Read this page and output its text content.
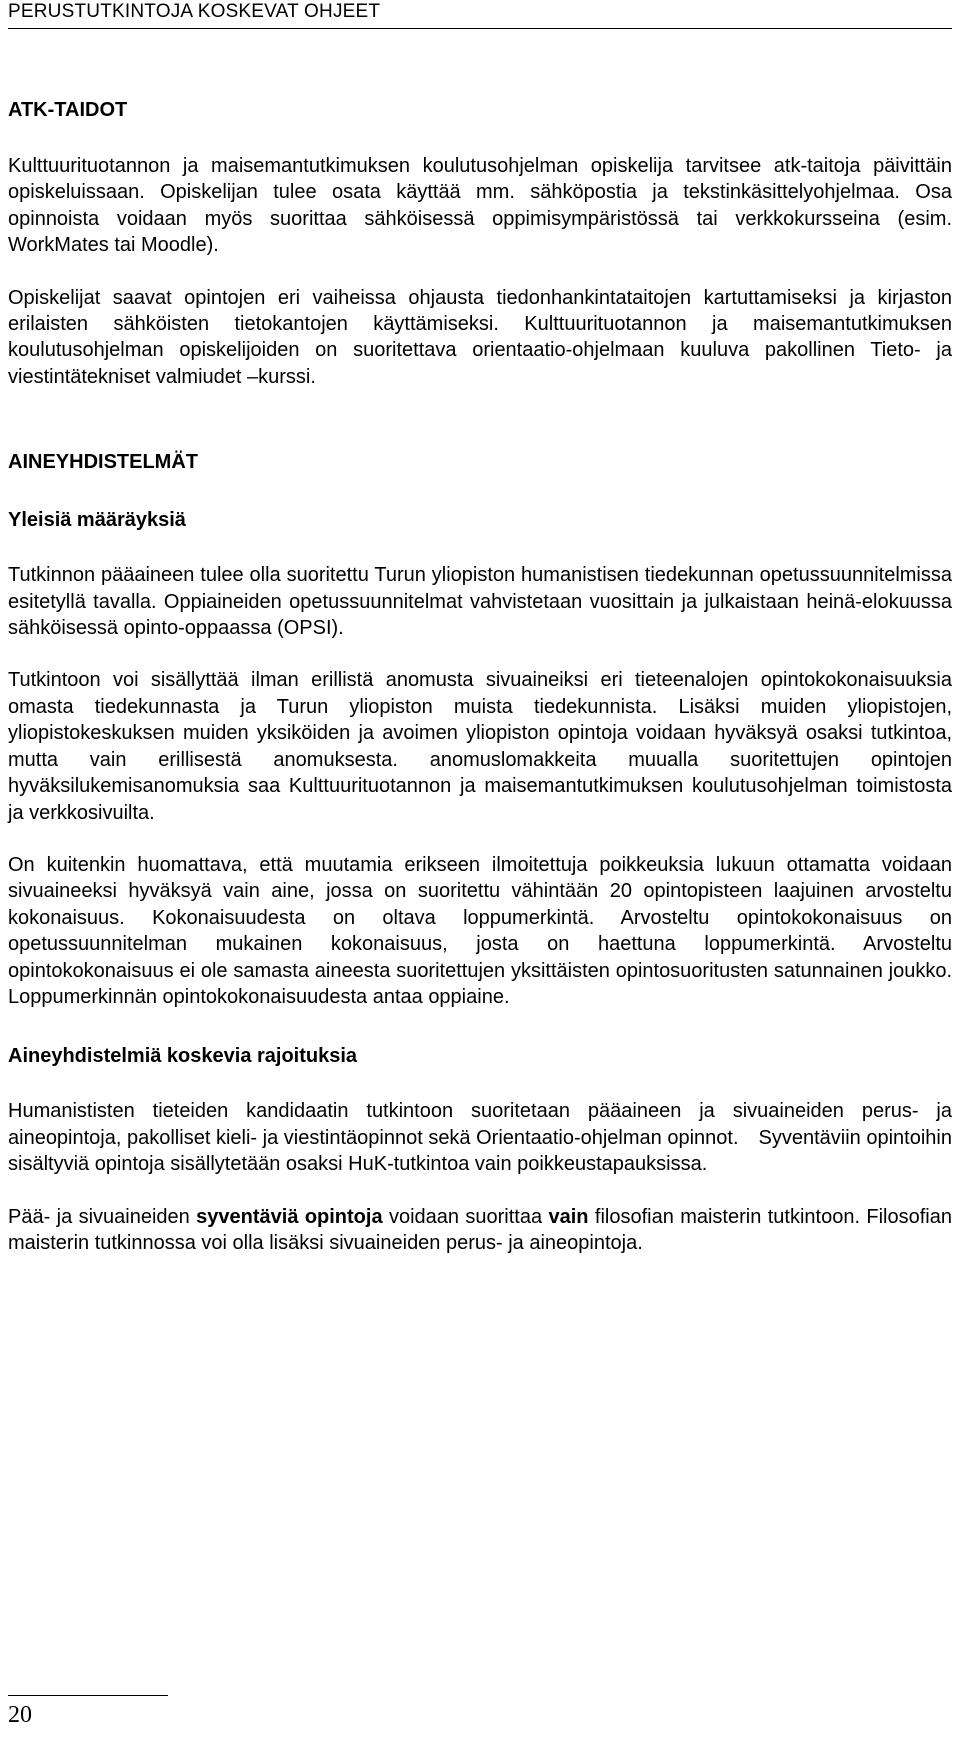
PERUSTUTKINTOJA KOSKEVAT OHJEET
ATK-TAIDOT

Kulttuurituotannon ja maisemantutkimuksen koulutusohjelman opiskelija tarvitsee atk-taitoja päivittäin opiskeluissaan. Opiskelijan tulee osata käyttää mm. sähköpostia ja tekstinkäsittelyohjelmaa. Osa opinnoista voidaan myös suorittaa sähköisessä oppimisympäristössä tai verkkokursseina (esim. WorkMates tai Moodle).

Opiskelijat saavat opintojen eri vaiheissa ohjausta tiedonhankintataitojen kartuttamiseksi ja kirjaston erilaisten sähköisten tietokantojen käyttämiseksi. Kulttuurituotannon ja maisemantutkimuksen koulutusohjelman opiskelijoiden on suoritettava orientaatio-ohjelmaan kuuluva pakollinen Tieto- ja viestintätekniset valmiudet –kurssi.

AINEYHDISTELMÄT
Yleisiä määräyksiä

Tutkinnon pääaineen tulee olla suoritettu Turun yliopiston humanistisen tiedekunnan opetussuunnitelmissa esitetyllä tavalla. Oppiaineiden opetussuunnitelmat vahvistetaan vuosittain ja julkaistaan heinä-elokuussa sähköisessä opinto-oppaassa (OPSI).

Tutkintoon voi sisällyttää ilman erillistä anomusta sivuaineiksi eri tieteenalojen opintokokonaisuuksia omasta tiedekunnasta ja Turun yliopiston muista tiedekunnista. Lisäksi muiden yliopistojen, yliopistokeskuksen muiden yksiköiden ja avoimen yliopiston opintoja voidaan hyväksyä osaksi tutkintoa, mutta vain erillisestä anomuksesta. anomuslomakkeita muualla suoritettujen opintojen hyväksilukemisanomuksia saa Kulttuurituotannon ja maisemantutkimuksen koulutusohjelman toimistosta ja verkkosivuilta.

On kuitenkin huomattava, että muutamia erikseen ilmoitettuja poikkeuksia lukuun ottamatta voidaan sivuaineeksi hyväksyä vain aine, jossa on suoritettu vähintään 20 opintopisteen laajuinen arvosteltu kokonaisuus. Kokonaisuudesta on oltava loppumerkintä. Arvosteltu opintokokonaisuus on opetussuunnitelman mukainen kokonaisuus, josta on haettuna loppumerkintä. Arvosteltu opintokokonaisuus ei ole samasta aineesta suoritettujen yksittäisten opintosuoritusten satunnainen joukko. Loppumerkinnän opintokokonaisuudesta antaa oppiaine.

Aineyhdistelmiä koskevia rajoituksia

Humanististen tieteiden kandidaatin tutkintoon suoritetaan pääaineen ja sivuaineiden perus- ja aineopintoja, pakolliset kieli- ja viestintäopinnot sekä Orientaatio-ohjelman opinnot. Syventäviin opintoihin sisältyviä opintoja sisällytetään osaksi HuK-tutkintoa vain poikkeustapauksissa.

Pää- ja sivuaineiden syventäviä opintoja voidaan suorittaa vain filosofian maisterin tutkintoon. Filosofian maisterin tutkinnossa voi olla lisäksi sivuaineiden perus- ja aineopintoja.

20
